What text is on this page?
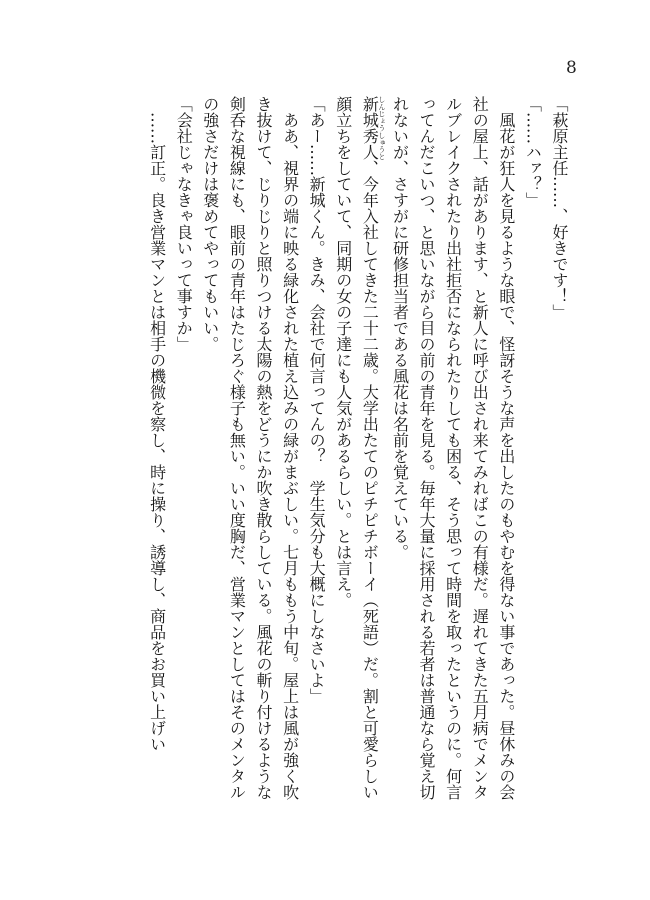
8

「萩原主任……、好きです！」

「……ハァ？」

風花が狂人を見るような眼で、怪訝そうな声を出したのもやむを得ない事であった。昼休みの会社の屋上、話があります、と新人に呼び出され来てみればこの有様だ。遅れてきた五月病でメンタルブレイクされたり出社拒否になられたりしても困る、そう思って時間を取ったというのに。何言ってんだこいつ、と思いながら目の前の青年を見る。毎年大量に採用される若者は普通なら覚え切れないが、さすがに研修担当者である風花は名前を覚えている。

新城秀人しんじょうしゅうと、今年入社してきた二十二歳。大学出たてのピチピチボーイ（死語）だ。割と可愛らしい顔立ちをしていて、同期の女の子達にも人気があるらしい。とは言え。

「あー……新城くん。きみ、会社で何言ってんの？　学生気分も大概にしなさいよ」

ああ、視界の端に映る緑化された植え込みの緑がまぶしい。七月ももう中旬。屋上は風が強く吹き抜けて、じりじりと照りつける太陽の熱をどうにか吹き散らしている。風花の斬り付けるような剣呑な視線にも、眼前の青年はたじろぐ様子も無い。いい度胸だ、営業マンとしてはそのメンタルの強さだけは褒めてやってもいい。

「会社じゃなきゃ良いって事すか」

……訂正。良き営業マンとは相手の機微を察し、時に操り、誘導し、商品をお買い上げい
